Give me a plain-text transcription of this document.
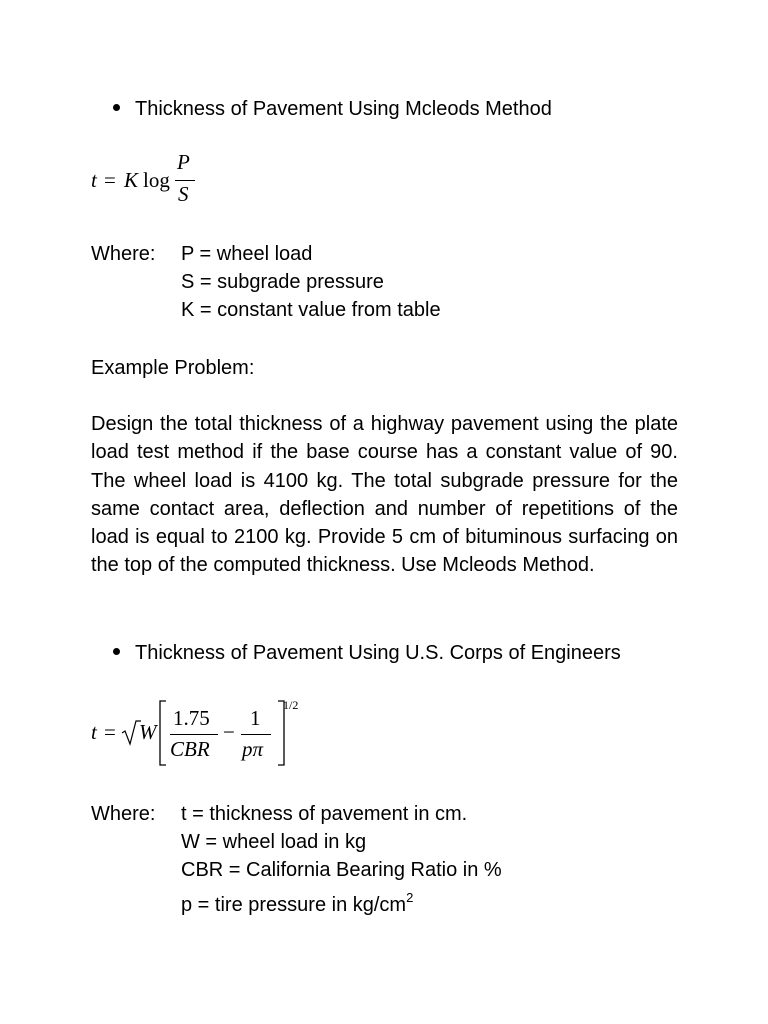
Thickness of Pavement Using Mcleods Method
t = K log
P
S
Where: P = wheel load
S = subgrade pressure
K = constant value from table
Example Problem:
Design the total thickness of a highway pavement using the plate load test method if the base course has a constant value of 90. The wheel load is 4100 kg. The total subgrade pressure for the same contact area, deflection and number of repetitions of the load is equal to 2100 kg. Provide 5 cm of bituminous surfacing on the top of the computed thickness. Use Mcleods Method.
Thickness of Pavement Using U.S. Corps of Engineers
t = W
1.75
CBR
−
1
pπ
1/2
Where: t = thickness of pavement in cm.
W = wheel load in kg
CBR = California Bearing Ratio in %
p = tire pressure in $kg/cm^2$
